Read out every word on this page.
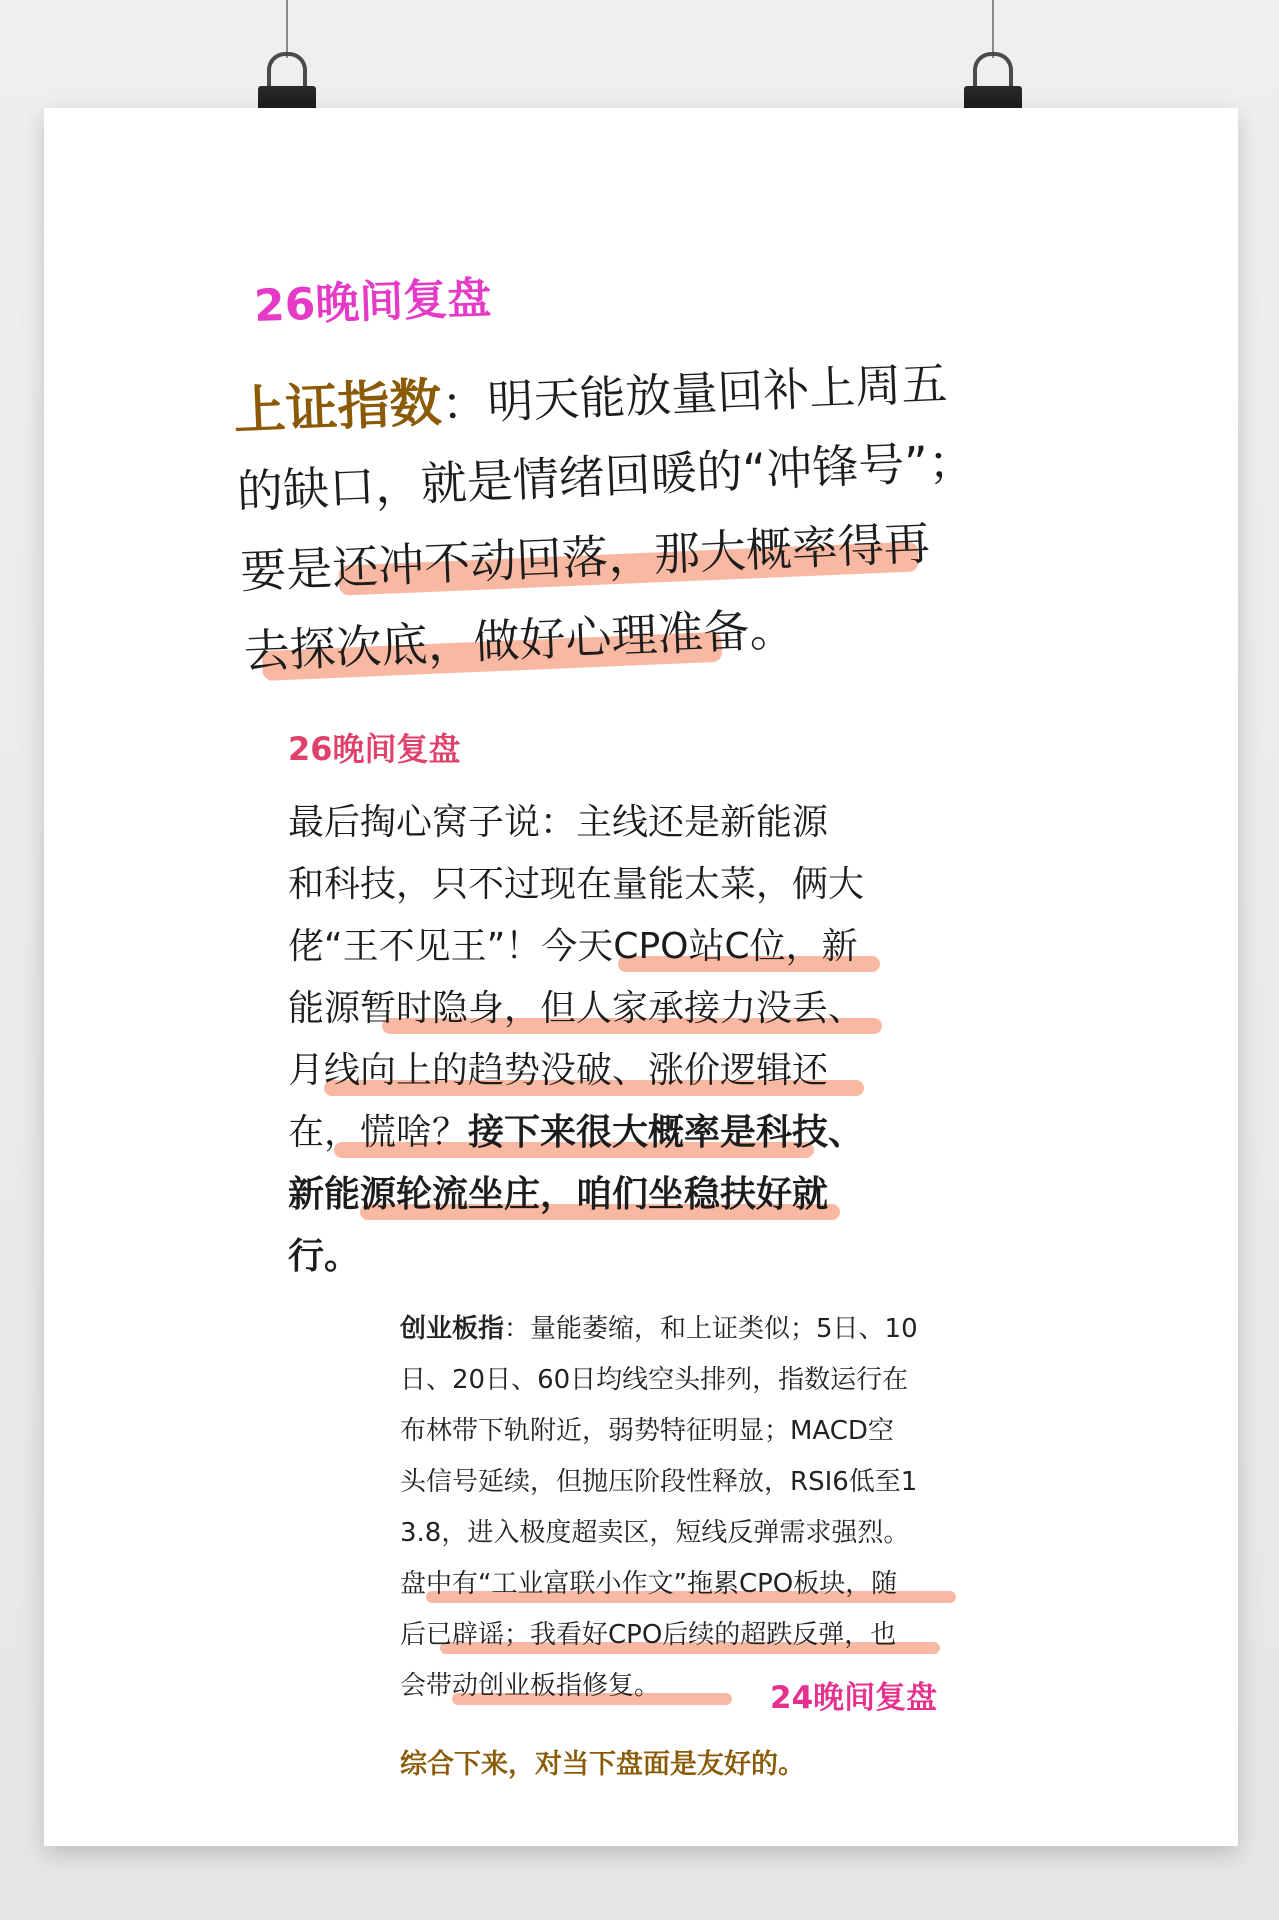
26晚间复盘
上证指数：明天能放量回补上周五
的缺口，就是情绪回暖的“冲锋号”；
要是还冲不动回落，那大概率得再
去探次底，做好心理准备。
26晚间复盘
最后掏心窝子说：主线还是新能源
和科技，只不过现在量能太菜，俩大
佬“王不见王”！今天CPO站C位，新
能源暂时隐身，但人家承接力没丢、
月线向上的趋势没破、涨价逻辑还
在，慌啥？接下来很大概率是科技、
新能源轮流坐庄，咱们坐稳扶好就
行。
创业板指：量能萎缩，和上证类似；5日、10
日、20日、60日均线空头排列，指数运行在
布林带下轨附近，弱势特征明显；MACD空
头信号延续，但抛压阶段性释放，RSI6低至1
3.8，进入极度超卖区，短线反弹需求强烈。
盘中有“工业富联小作文”拖累CPO板块，随
后已辟谣；我看好CPO后续的超跌反弹，也
会带动创业板指修复。	24晚间复盘
综合下来，对当下盘面是友好的。
